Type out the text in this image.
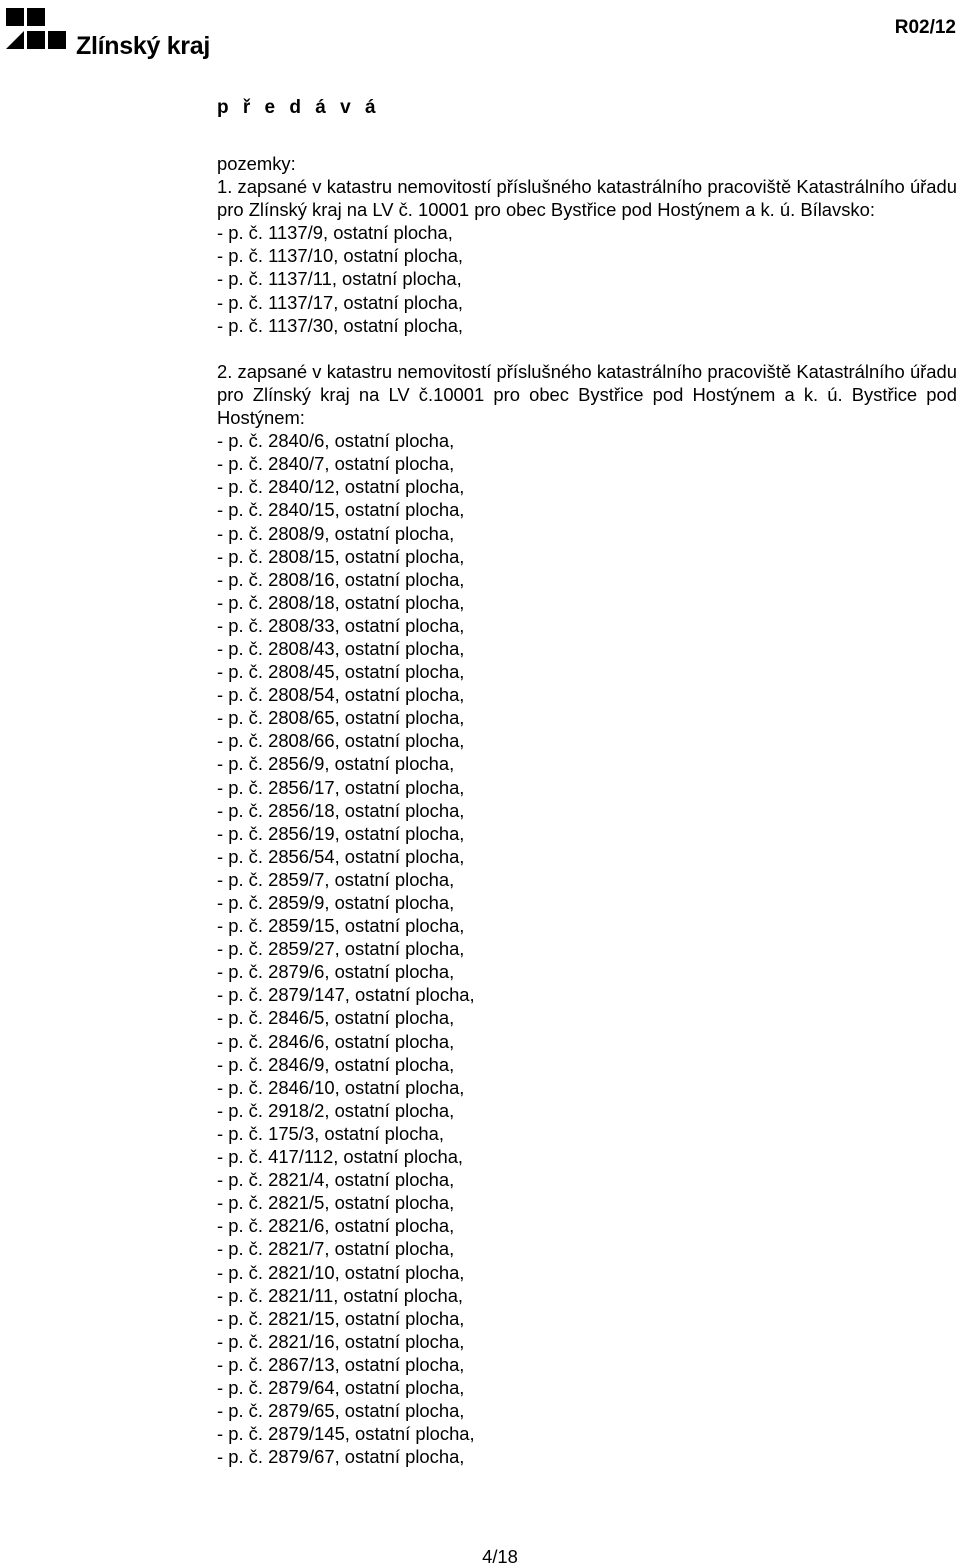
Zlínský kraj
R02/12
p ř e d á v á

pozemky:

1. zapsané v katastru nemovitostí příslušného katastrálního pracoviště Katastrálního úřadu pro Zlínský kraj na LV č. 10001 pro obec Bystřice pod Hostýnem a k. ú. Bílavsko:

- p. č. 1137/9, ostatní plocha,
- p. č. 1137/10, ostatní plocha,
- p. č. 1137/11, ostatní plocha,
- p. č. 1137/17, ostatní plocha,
- p. č. 1137/30, ostatní plocha,

2. zapsané v katastru nemovitostí příslušného katastrálního pracoviště Katastrálního úřadu pro Zlínský kraj na LV č.10001 pro obec Bystřice pod Hostýnem a k. ú. Bystřice pod Hostýnem:

- p. č. 2840/6, ostatní plocha,
- p. č. 2840/7, ostatní plocha,
- p. č. 2840/12, ostatní plocha,
- p. č. 2840/15, ostatní plocha,
- p. č. 2808/9, ostatní plocha,
- p. č. 2808/15, ostatní plocha,
- p. č. 2808/16, ostatní plocha,
- p. č. 2808/18, ostatní plocha,
- p. č. 2808/33, ostatní plocha,
- p. č. 2808/43, ostatní plocha,
- p. č. 2808/45, ostatní plocha,
- p. č. 2808/54, ostatní plocha,
- p. č. 2808/65, ostatní plocha,
- p. č. 2808/66, ostatní plocha,
- p. č. 2856/9, ostatní plocha,
- p. č. 2856/17, ostatní plocha,
- p. č. 2856/18, ostatní plocha,
- p. č. 2856/19, ostatní plocha,
- p. č. 2856/54, ostatní plocha,
- p. č. 2859/7, ostatní plocha,
- p. č. 2859/9, ostatní plocha,
- p. č. 2859/15, ostatní plocha,
- p. č. 2859/27, ostatní plocha,
- p. č. 2879/6, ostatní plocha,
- p. č. 2879/147, ostatní plocha,
- p. č. 2846/5, ostatní plocha,
- p. č. 2846/6, ostatní plocha,
- p. č. 2846/9, ostatní plocha,
- p. č. 2846/10, ostatní plocha,
- p. č. 2918/2, ostatní plocha,
- p. č. 175/3, ostatní plocha,
- p. č. 417/112, ostatní plocha,
- p. č. 2821/4, ostatní plocha,
- p. č. 2821/5, ostatní plocha,
- p. č. 2821/6, ostatní plocha,
- p. č. 2821/7, ostatní plocha,
- p. č. 2821/10, ostatní plocha,
- p. č. 2821/11, ostatní plocha,
- p. č. 2821/15, ostatní plocha,
- p. č. 2821/16, ostatní plocha,
- p. č. 2867/13, ostatní plocha,
- p. č. 2879/64, ostatní plocha,
- p. č. 2879/65, ostatní plocha,
- p. č. 2879/145, ostatní plocha,
- p. č. 2879/67, ostatní plocha,
4/18
